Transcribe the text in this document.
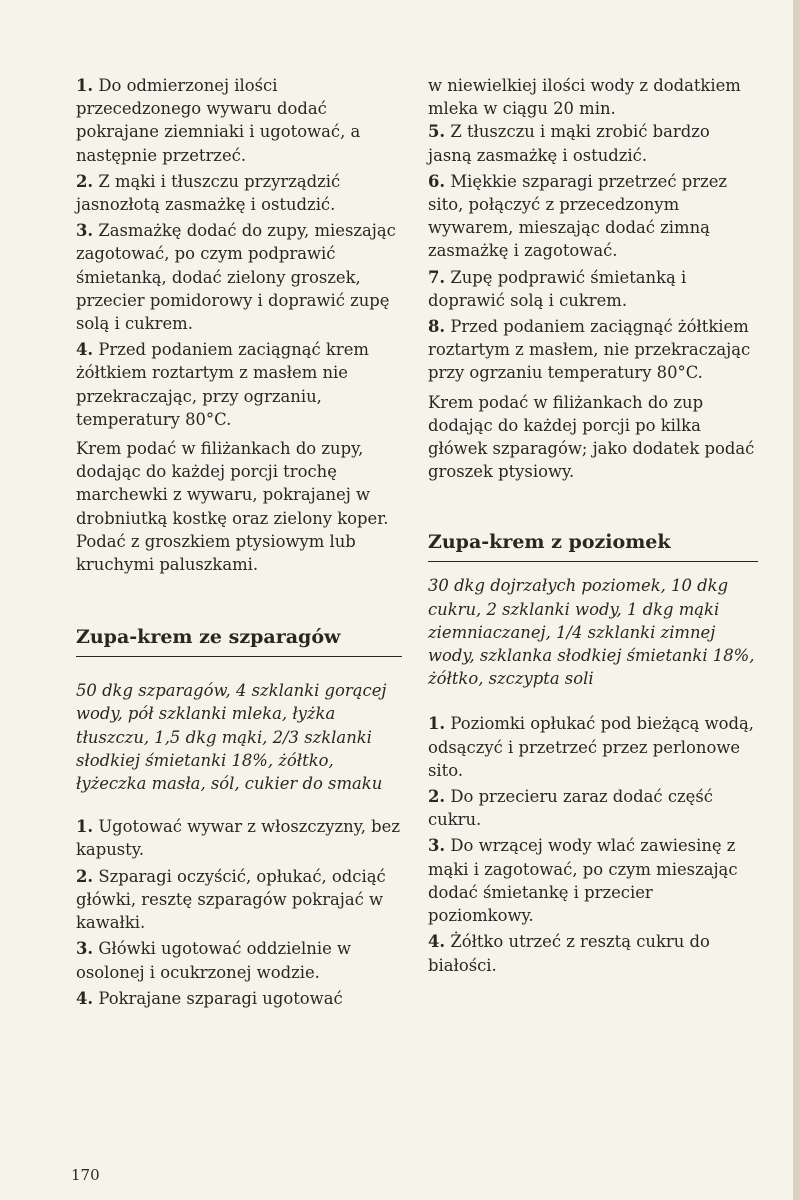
1. Do odmierzonej ilości przecedzonego wywaru dodać pokrajane ziemniaki i ugotować, a następnie przetrzeć.

2. Z mąki i tłuszczu przyrządzić jasnozłotą zasmażkę i ostudzić.

3. Zasmażkę dodać do zupy, mieszając zagotować, po czym podprawić śmietanką, dodać zielony groszek, przecier pomidorowy i doprawić zupę solą i cukrem.

4. Przed podaniem zaciągnąć krem żółtkiem roztartym z masłem nie przekraczając, przy ogrzaniu, temperatury 80°C.

Krem podać w filiżankach do zupy, dodając do każdej porcji trochę marchewki z wywaru, pokrajanej w drobniutką kostkę oraz zielony koper. Podać z groszkiem ptysiowym lub kruchymi paluszkami.

Zupa-krem ze szparagów

50 dkg szparagów, 4 szklanki gorącej wody, pół szklanki mleka, łyżka tłuszczu, 1,5 dkg mąki, 2/3 szklanki słodkiej śmietanki 18%, żółtko, łyżeczka masła, sól, cukier do smaku

1. Ugotować wywar z włoszczyzny, bez kapusty.

2. Szparagi oczyścić, opłukać, odciąć główki, resztę szparagów pokrajać w kawałki.

3. Główki ugotować oddzielnie w osolonej i ocukrzonej wodzie.

4. Pokrajane szparagi ugotować

w niewielkiej ilości wody z dodatkiem mleka w ciągu 20 min.

5. Z tłuszczu i mąki zrobić bardzo jasną zasmażkę i ostudzić.

6. Miękkie szparagi przetrzeć przez sito, połączyć z przecedzonym wywarem, mieszając dodać zimną zasmażkę i zagotować.

7. Zupę podprawić śmietanką i doprawić solą i cukrem.

8. Przed podaniem zaciągnąć żółtkiem roztartym z masłem, nie przekraczając przy ogrzaniu temperatury 80°C.

Krem podać w filiżankach do zup dodając do każdej porcji po kilka główek szparagów; jako dodatek podać groszek ptysiowy.

Zupa-krem z poziomek

30 dkg dojrzałych poziomek, 10 dkg cukru, 2 szklanki wody, 1 dkg mąki ziemniaczanej, 1/4 szklanki zimnej wody, szklanka słodkiej śmietanki 18%, żółtko, szczypta soli

1. Poziomki opłukać pod bieżącą wodą, odsączyć i przetrzeć przez perlonowe sito.

2. Do przecieru zaraz dodać część cukru.

3. Do wrzącej wody wlać zawiesinę z mąki i zagotować, po czym mieszając dodać śmietankę i przecier poziomkowy.

4. Żółtko utrzeć z resztą cukru do białości.

170
